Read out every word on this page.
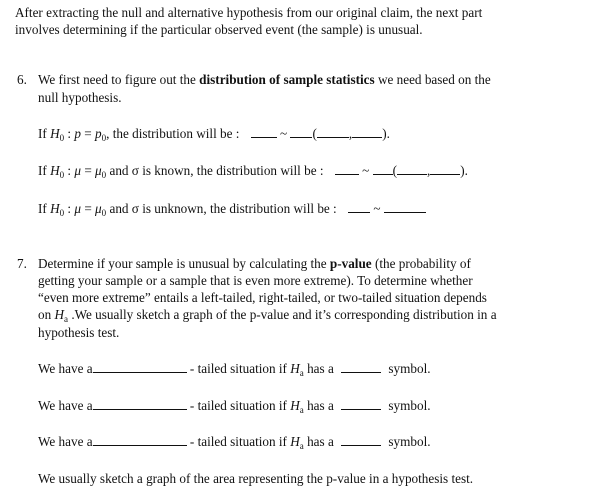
After extracting the null and alternative hypothesis from our original claim, the next part
involves determining if the particular observed event (the sample) is unusual.
6. We first need to figure out the distribution of sample statistics we need based on the
null hypothesis.
If $H_0$ : $p = p_0$, the distribution will be :	~ ( , ).
If $H_0$ : $\mu = \mu_0$ and σ is known, the distribution will be :	~ ( , ).
If $H_0$ : $\mu = \mu_0$ and σ is unknown, the distribution will be :	~
7. Determine if your sample is unusual by calculating the p-value (the probability of
getting your sample or a sample that is even more extreme). To determine whether
“even more extreme” entails a left-tailed, right-tailed, or two-tailed situation depends
on $H_a$ .We usually sketch a graph of the p-value and it’s corresponding distribution in a
hypothesis test.
We have a	- tailed situation if $H_a$ has a	symbol.
We have a	- tailed situation if $H_a$ has a	symbol.
We have a	- tailed situation if $H_a$ has a	symbol.
We usually sketch a graph of the area representing the p-value in a hypothesis test.
